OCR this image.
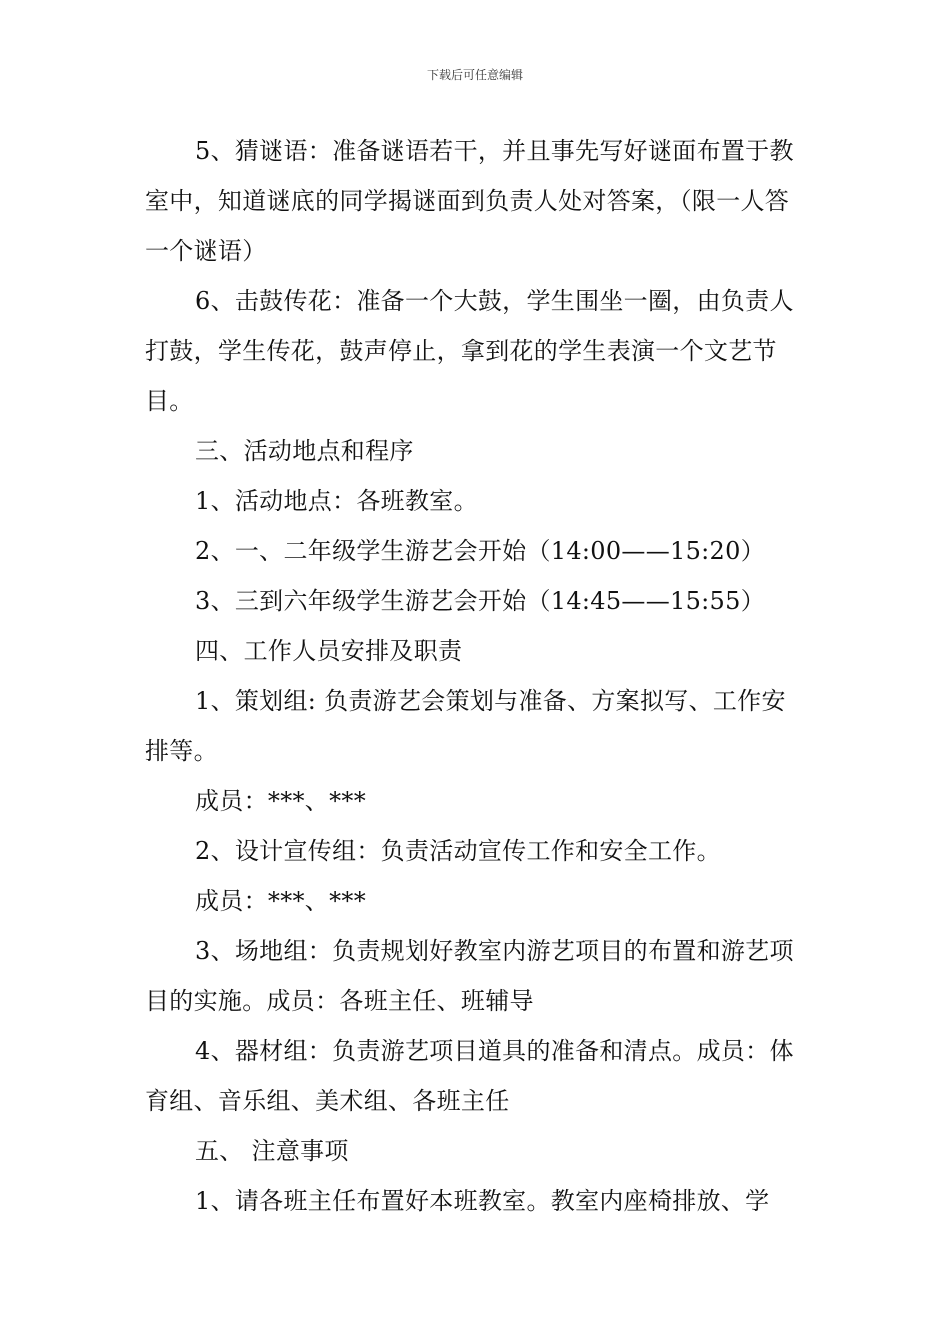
下载后可任意编辑

5、猜谜语：准备谜语若干，并且事先写好谜面布置于教室中，知道谜底的同学揭谜面到负责人处对答案，（限一人答一个谜语）

6、击鼓传花：准备一个大鼓，学生围坐一圈，由负责人打鼓，学生传花，鼓声停止，拿到花的学生表演一个文艺节目。

三、活动地点和程序

1、活动地点：各班教室。

2、一、二年级学生游艺会开始（14:00——15:20）

3、三到六年级学生游艺会开始（14:45——15:55）

四、工作人员安排及职责

1、策划组: 负责游艺会策划与准备、方案拟写、工作安排等。

成员：***、***

2、设计宣传组：负责活动宣传工作和安全工作。

成员：***、***

3、场地组：负责规划好教室内游艺项目的布置和游艺项目的实施。成员：各班主任、班辅导

4、器材组：负责游艺项目道具的准备和清点。成员：体育组、音乐组、美术组、各班主任

五、 注意事项

1、请各班主任布置好本班教室。教室内座椅排放、学
